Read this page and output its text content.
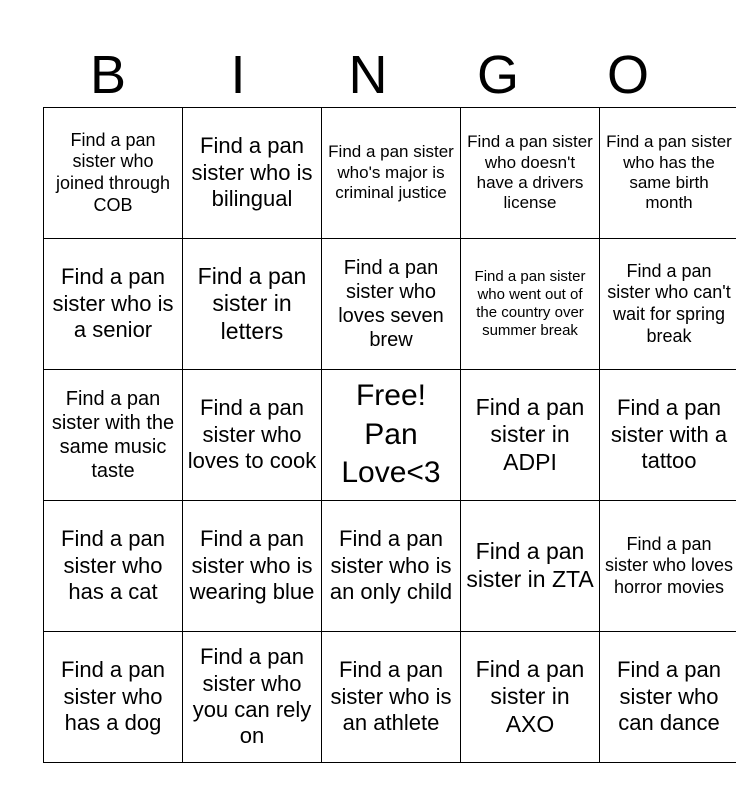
B	I	N	G	O
Find a pan sister who joined through COB	Find a pan sister who is bilingual	Find a pan sister who's major is criminal justice	Find a pan sister who doesn't have a drivers license	Find a pan sister who has the same birth month
Find a pan sister who is a senior	Find a pan sister in letters	Find a pan sister who loves seven brew	Find a pan sister who went out of the country over summer break	Find a pan sister who can't wait for spring break
Find a pan sister with the same music taste	Find a pan sister who loves to cook	Free! Pan Love<3	Find a pan sister in ADPI	Find a pan sister with a tattoo
Find a pan sister who has a cat	Find a pan sister who is wearing blue	Find a pan sister who is an only child	Find a pan sister in ZTA	Find a pan sister who loves horror movies
Find a pan sister who has a dog	Find a pan sister who you can rely on	Find a pan sister who is an athlete	Find a pan sister in AXO	Find a pan sister who can dance
